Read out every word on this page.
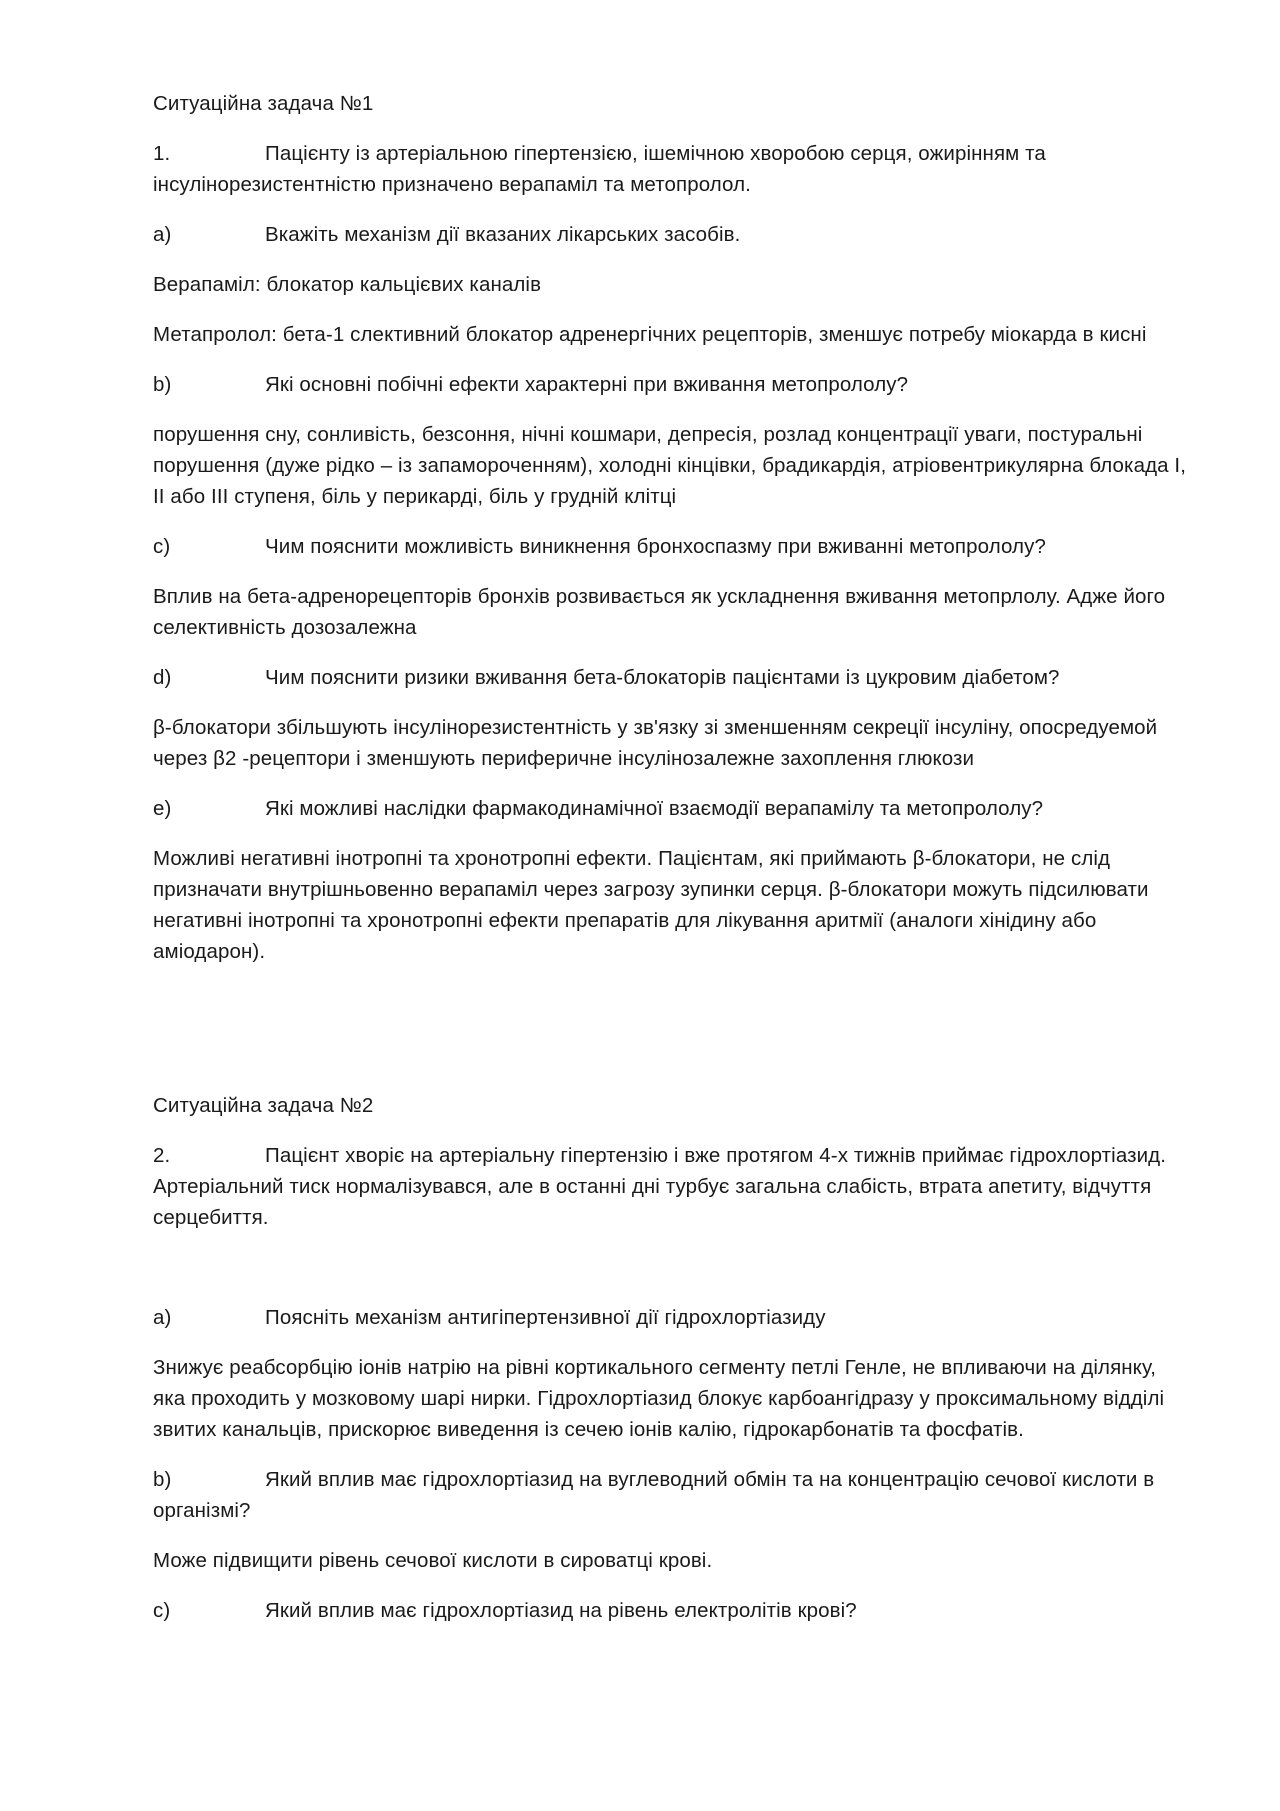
Ситуаційна задача №1
1.	Пацієнту із артеріальною гіпертензією, ішемічною хворобою серця, ожирінням та інсулінорезистентністю призначено верапаміл та метопролол.
a)	Вкажіть механізм дії вказаних лікарських засобів.
Верапаміл: блокатор кальцієвих каналів
Метапролол: бета-1 слективний блокатор адренергічних рецепторів, зменшує потребу міокарда в кисні
b)	Які основні побічні ефекти характерні при вживання метопрололу?
порушення сну, сонливість, безсоння, нічні кошмари, депресія, розлад концентрації уваги, постуральні порушення (дуже рідко – із запамороченням), холодні кінцівки, брадикардія, атріовентрикулярна блокада I, II або III ступеня, біль у перикарді, біль у грудній клітці
c)	Чим пояснити можливість виникнення бронхоспазму при вживанні метопрололу?
Вплив на бета-адренорецепторів бронхів розвивається як ускладнення вживання метопрлолу. Адже його селективність дозозалежна
d)	Чим пояснити ризики вживання бета-блокаторів пацієнтами із цукровим діабетом?
β-блокатори збільшують інсулінорезистентність у зв'язку зі зменшенням секреції інсуліну, опосредуемой через β2 -рецептори і зменшують периферичне інсулінозалежне захоплення глюкози
e)	Які можливі наслідки фармакодинамічної взаємодії верапамілу та метопрололу?
Можливі негативні інотропні та хронотропні ефекти. Пацієнтам, які приймають β-блокатори, не слід призначати внутрішньовенно верапаміл через загрозу зупинки серця. β-блокатори можуть підсилювати негативні інотропні та хронотропні ефекти препаратів для лікування аритмії (аналоги хінідину або аміодарон).
Ситуаційна задача №2
2.	Пацієнт хворіє на артеріальну гіпертензію і вже протягом 4-х тижнів приймає гідрохлортіазид. Артеріальний тиск нормалізувався, але в останні дні турбує загальна слабість, втрата апетиту, відчуття серцебиття.
a)	Поясніть механізм антигіпертензивної дії гідрохлортіазиду
Знижує реабсорбцію іонів натрію на рівні кортикального сегменту петлі Генле, не впливаючи на ділянку, яка проходить у мозковому шарі нирки. Гідрохлортіазид блокує карбоангідразу у проксимальному відділі звитих канальців, прискорює виведення із сечею іонів калію, гідрокарбонатів та фосфатів.
b)	Який вплив має гідрохлортіазид на вуглеводний обмін та на концентрацію сечової кислоти в організмі?
Може підвищити рівень сечової кислоти в сироватці крові.
c)	Який вплив має гідрохлортіазид на рівень електролітів крові?
